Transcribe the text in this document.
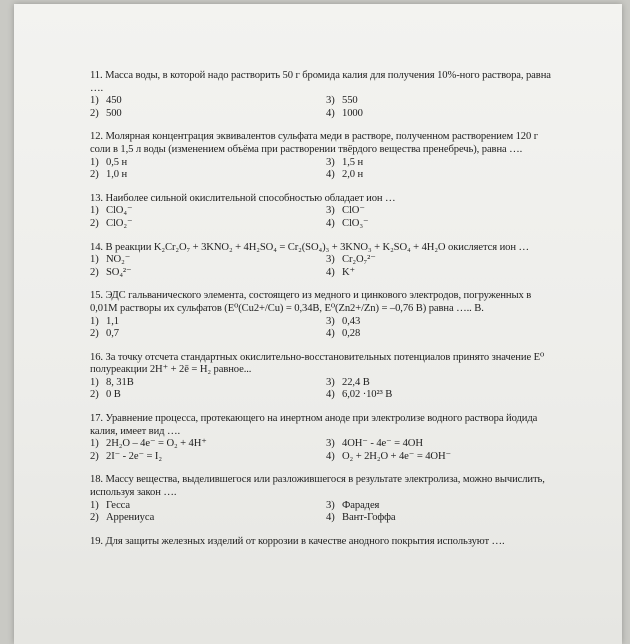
11. Масса воды, в которой надо растворить 50 г бромида калия для получения 10%-ного раствора, равна ….
1) 450	3) 550
2) 500	4) 1000
12. Молярная концентрация эквивалентов сульфата меди в растворе, полученном растворением 120 г соли в 1,5 л воды (изменением объёма при растворении твёрдого вещества пренебречь), равна ….
1) 0,5 н	3) 1,5 н
2) 1,0 н	4) 2,0 н
13. Наиболее сильной окислительной способностью обладает ион …
1) ClO₄⁻	3) ClO⁻
2) ClO₂⁻	4) ClO₃⁻
14. В реакции K₂Cr₂O₇ + 3KNO₂ + 4H₂SO₄ = Cr₂(SO₄)₃ + 3KNO₃ + K₂SO₄ + 4H₂O окисляется ион …
1) NO₂⁻	3) Cr₂O₇²⁻
2) SO₄²⁻	4) K⁺
15. ЭДС гальванического элемента, состоящего из медного и цинкового электродов, погруженных в 0,01М растворы их сульфатов (E⁰(Cu2+/Cu) = 0,34В, E⁰(Zn2+/Zn) = –0,76 В) равна ….. В.
1) 1,1	3) 0,43
2) 0,7	4) 0,28
16. За точку отсчета стандартных окислительно-восстановительных потенциалов принято значение E⁰ полуреакции 2H⁺ + 2ē = H₂ равное...
1) 8, 31В	3) 22,4 В
2) 0 В	4) 6,02 ·10²³ В
17. Уравнение процесса, протекающего на инертном аноде при электролизе водного раствора йодида калия, имеет вид ….
1) 2H₂O – 4e⁻ = O₂ + 4H⁺	3) 4OH⁻ - 4e⁻ = 4OH
2) 2I⁻ - 2e⁻ = I₂	4) O₂ + 2H₂O + 4e⁻ = 4OH⁻
18. Массу вещества, выделившегося или разложившегося в результате электролиза, можно вычислить, используя закон ….
1) Гесса	3) Фарадея
2) Аррениуса	4) Вант-Гоффа
19. Для защиты железных изделий от коррозии в качестве анодного покрытия используют ….
